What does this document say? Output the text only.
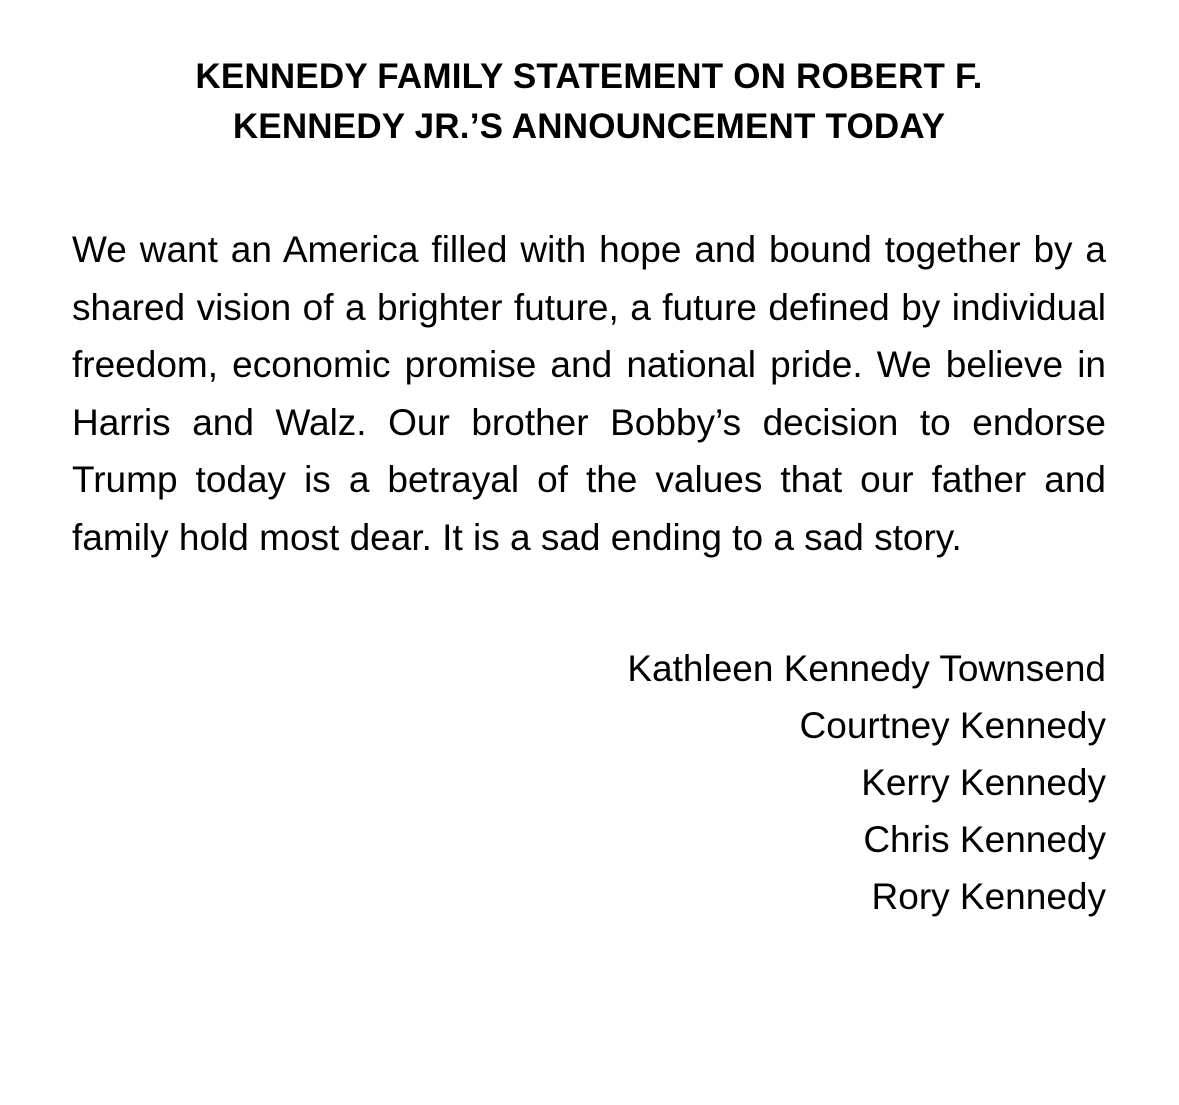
KENNEDY FAMILY STATEMENT ON ROBERT F.
KENNEDY JR.’S ANNOUNCEMENT TODAY

We want an America filled with hope and bound together by a shared vision of a brighter future, a future defined by individual freedom, economic promise and national pride. We believe in Harris and Walz. Our brother Bobby’s decision to endorse Trump today is a betrayal of the values that our father and family hold most dear. It is a sad ending to a sad story.

Kathleen Kennedy Townsend
Courtney Kennedy
Kerry Kennedy
Chris Kennedy
Rory Kennedy
